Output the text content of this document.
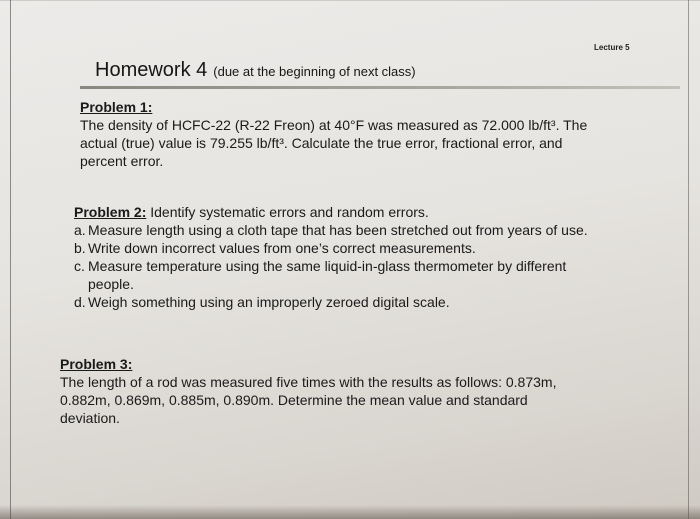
Lecture 5
Homework 4 (due at the beginning of next class)
Problem 1:
The density of HCFC-22 (R-22 Freon) at 40°F was measured as 72.000 lb/ft³. The
actual (true) value is 79.255 lb/ft³. Calculate the true error, fractional error, and
percent error.
Problem 2: Identify systematic errors and random errors.
a. Measure length using a cloth tape that has been stretched out from years of use.
b. Write down incorrect values from one’s correct measurements.
c. Measure temperature using the same liquid-in-glass thermometer by different
people.
d. Weigh something using an improperly zeroed digital scale.
Problem 3:
The length of a rod was measured five times with the results as follows: 0.873m,
0.882m, 0.869m, 0.885m, 0.890m. Determine the mean value and standard
deviation.
